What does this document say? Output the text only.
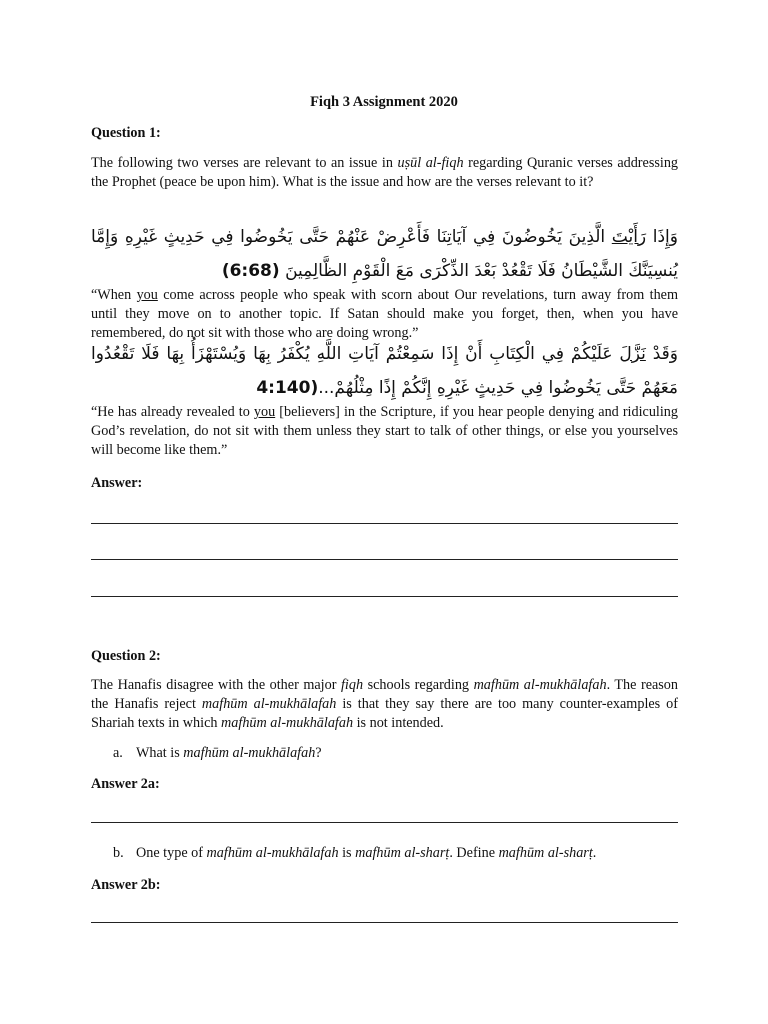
Fiqh 3 Assignment 2020
Question 1:
The following two verses are relevant to an issue in uṣūl al-fiqh regarding Quranic verses addressing the Prophet (peace be upon him). What is the issue and how are the verses relevant to it?
وَإِذَا رَأَيْتَ الَّذِينَ يَخُوضُونَ فِي آيَاتِنَا فَأَعْرِضْ عَنْهُمْ حَتَّى يَخُوضُوا فِي حَدِيثٍ غَيْرِهِ وَإِمَّا يُنسِيَنَّكَ الشَّيْطَانُ فَلَا تَقْعُدْ بَعْدَ الذِّكْرَى مَعَ الْقَوْمِ الظَّالِمِينَ (6:68)
“When you come across people who speak with scorn about Our revelations, turn away from them until they move on to another topic. If Satan should make you forget, then, when you have remembered, do not sit with those who are doing wrong.”
وَقَدْ نَزَّلَ عَلَيْكُمْ فِي الْكِتَابِ أَنْ إِذَا سَمِعْتُمْ آيَاتِ اللَّهِ يُكْفَرُ بِهَا وَيُسْتَهْزَأُ بِهَا فَلَا تَقْعُدُوا مَعَهُمْ حَتَّى يَخُوضُوا فِي حَدِيثٍ غَيْرِهِ إِنَّكُمْ إِذًا مِثْلُهُمْ...(4:140
“He has already revealed to you [believers] in the Scripture, if you hear people denying and ridiculing God’s revelation, do not sit with them unless they start to talk of other things, or else you yourselves will become like them.”
Answer:
Question 2:
The Hanafis disagree with the other major fiqh schools regarding mafhūm al-mukhālafah. The reason the Hanafis reject mafhūm al-mukhālafah is that they say there are too many counter-examples of Shariah texts in which mafhūm al-mukhālafah is not intended.
a. What is mafhūm al-mukhālafah?
Answer 2a:
b. One type of mafhūm al-mukhālafah is mafhūm al-sharṭ. Define mafhūm al-sharṭ.
Answer 2b:
